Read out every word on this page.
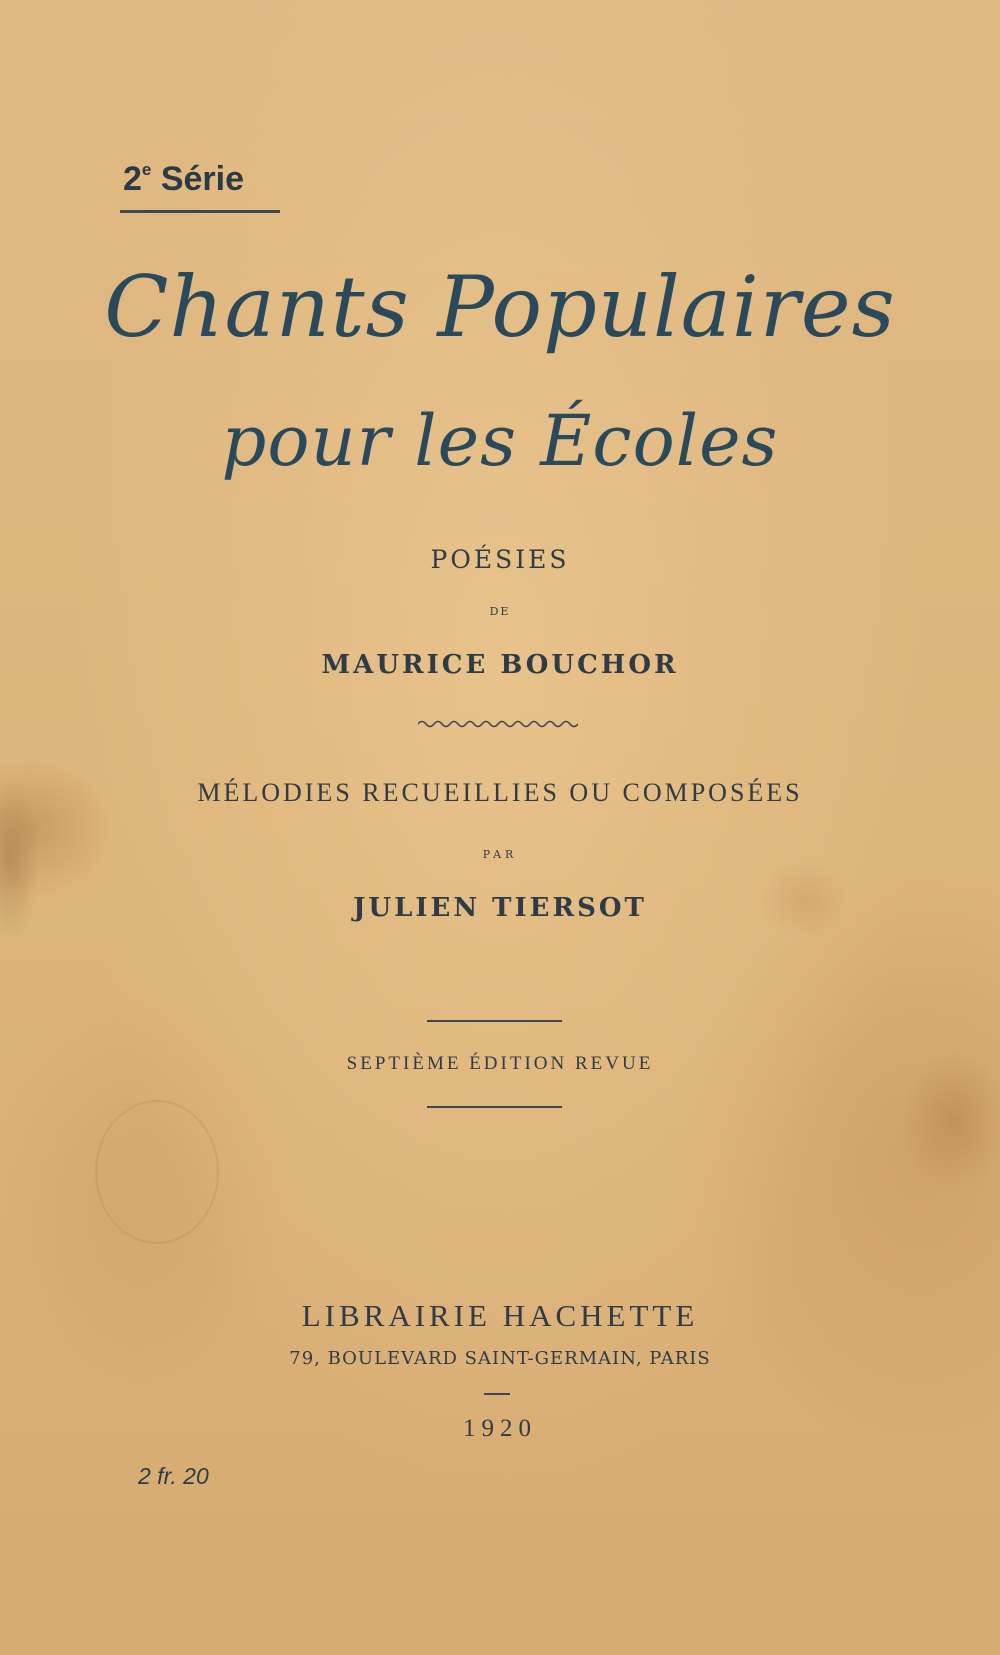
2e Série

Chants Populaires

pour les Écoles

POÉSIES

DE

MAURICE BOUCHOR

MÉLODIES RECUEILLIES OU COMPOSÉES

PAR

JULIEN TIERSOT

SEPTIÈME ÉDITION REVUE

LIBRAIRIE HACHETTE

79, BOULEVARD SAINT-GERMAIN, PARIS

1920

2 fr. 20
